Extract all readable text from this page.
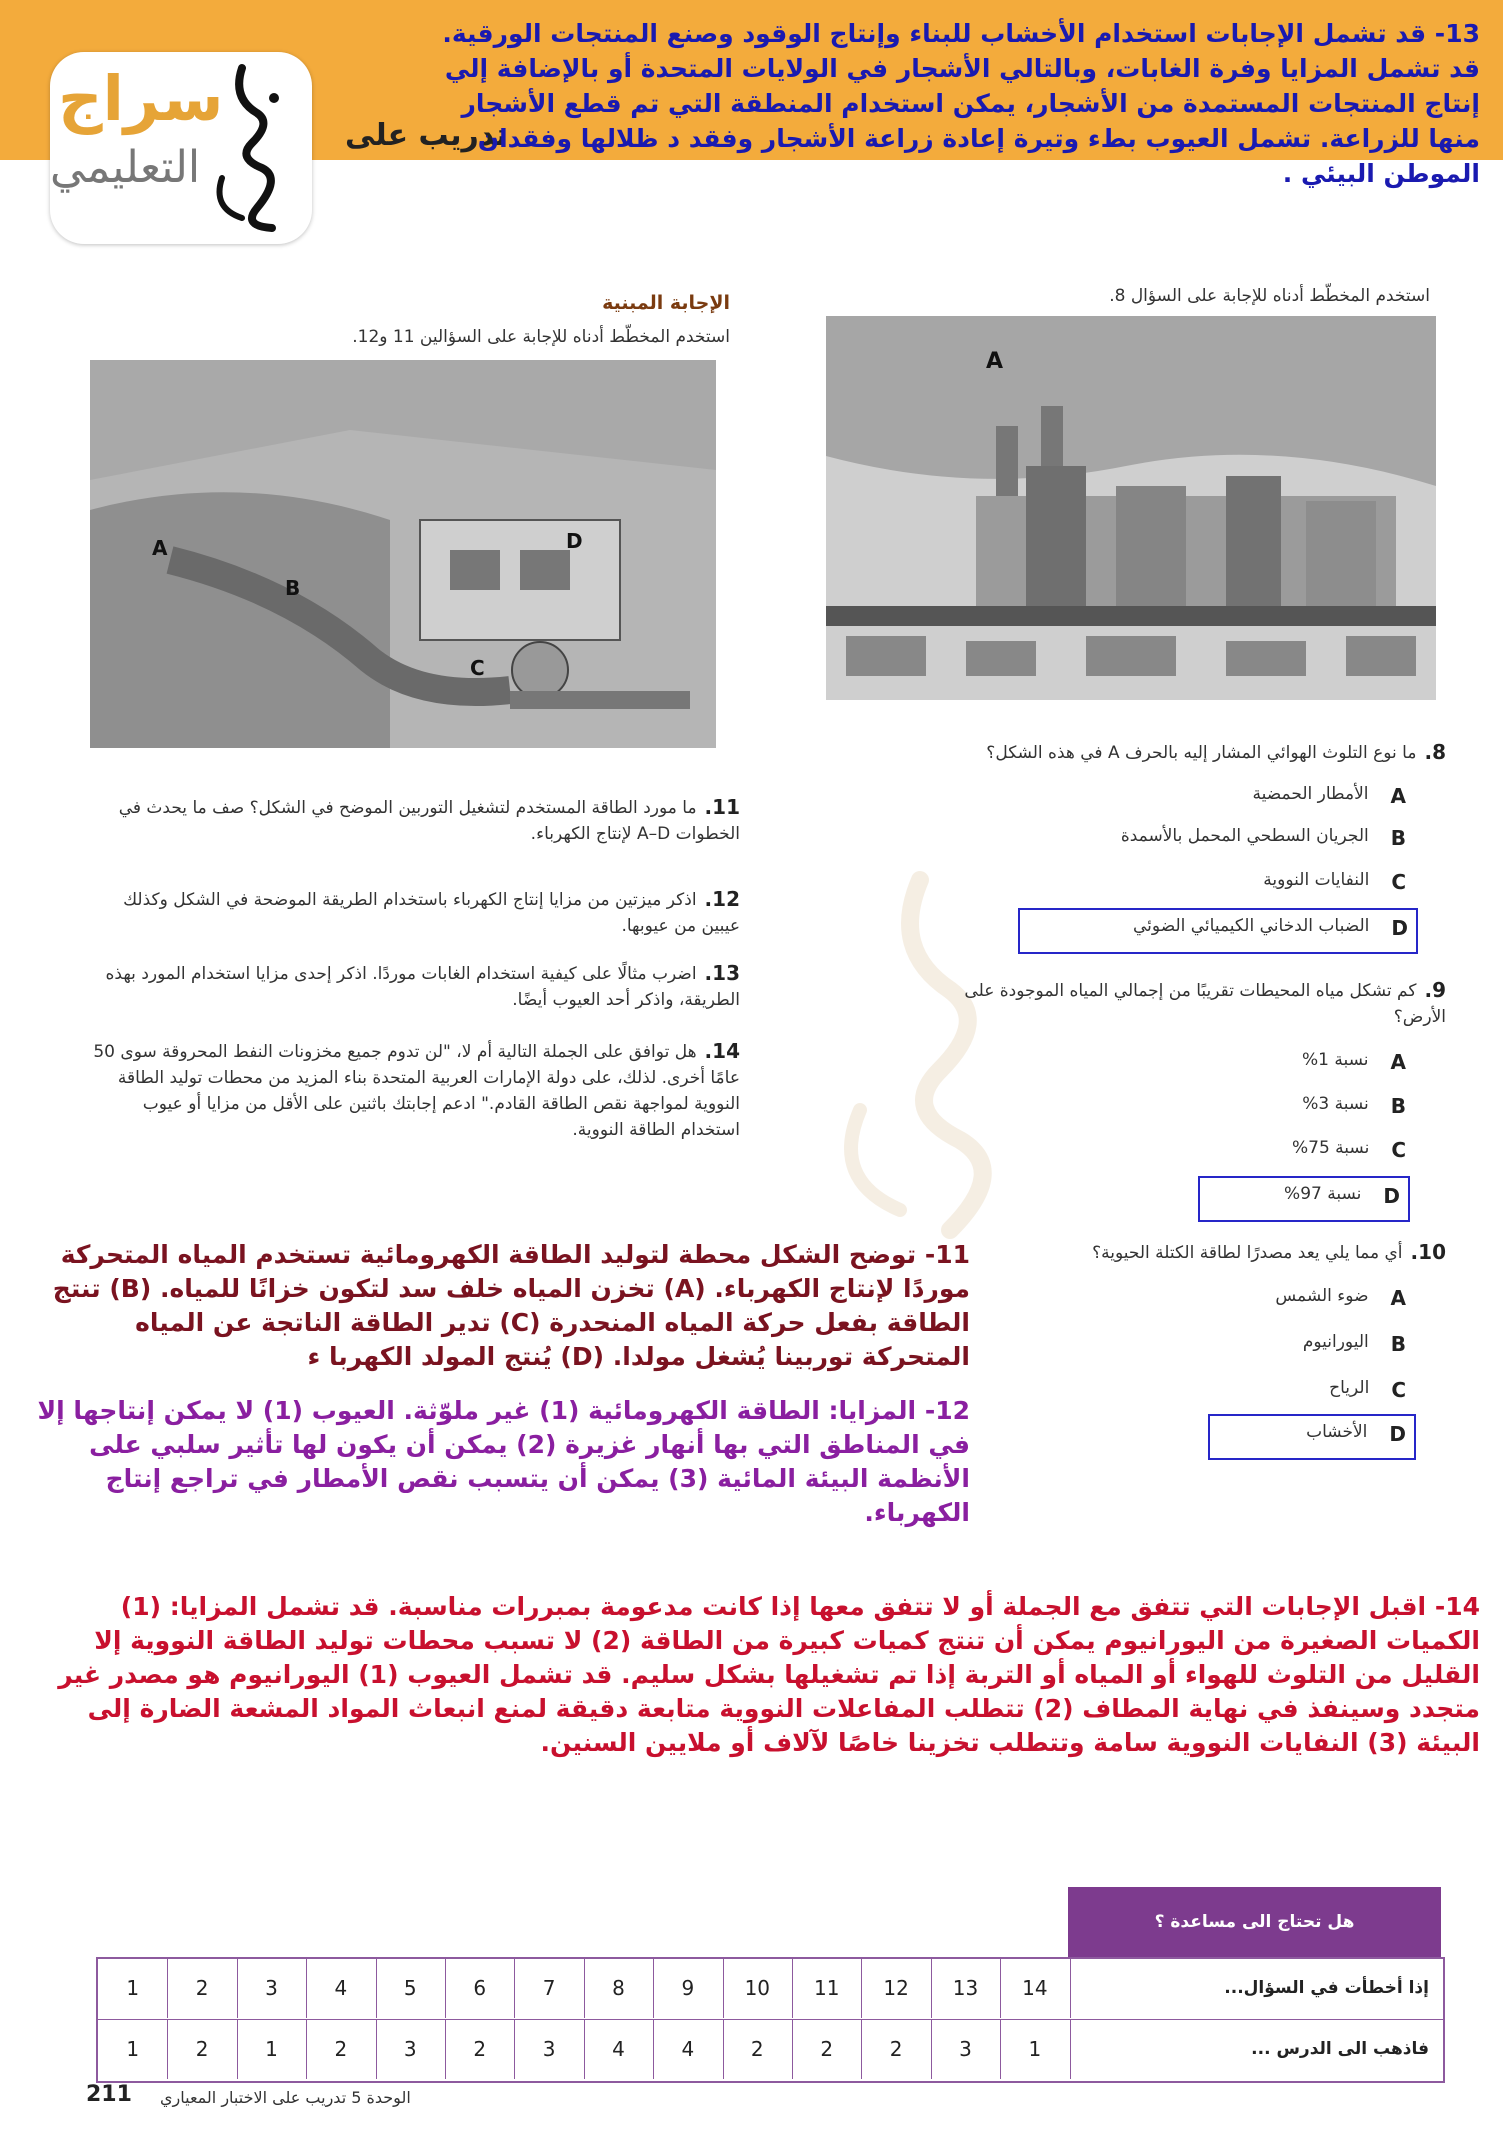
سراج
التعليمي
تدريب على
13- قد تشمل الإجابات استخدام الأخشاب للبناء وإنتاج الوقود وصنع المنتجات الورقية. قد تشمل المزايا وفرة الغابات، وبالتالي الأشجار في الولايات المتحدة أو بالإضافة إلي إنتاج المنتجات المستمدة من الأشجار، يمكن استخدام المنطقة التي تم قطع الأشجار منها للزراعة. تشمل العيوب بطء وتيرة إعادة زراعة الأشجار وفقد د ظلالها وفقدان الموطن البيئي .
الإجابة المبنية
استخدم المخطّط أدناه للإجابة على السؤالين 11 و12.
A
B
C
D
11.
ما مورد الطاقة المستخدم لتشغيل التوربين الموضح في الشكل؟ صف ما يحدث في الخطوات A–D لإنتاج الكهرباء.
12.
اذكر ميزتين من مزايا إنتاج الكهرباء باستخدام الطريقة الموضحة في الشكل وكذلك عيبين من عيوبها.
13.
اضرب مثالًا على كيفية استخدام الغابات موردًا. اذكر إحدى مزايا استخدام المورد بهذه الطريقة، واذكر أحد العيوب أيضًا.
14.
هل توافق على الجملة التالية أم لا، "لن تدوم جميع مخزونات النفط المحروقة سوى 50 عامًا أخرى. لذلك، على دولة الإمارات العربية المتحدة بناء المزيد من محطات توليد الطاقة النووية لمواجهة نقص الطاقة القادم." ادعم إجابتك باثنين على الأقل من مزايا أو عيوب استخدام الطاقة النووية.
استخدم المخطّط أدناه للإجابة على السؤال 8.
A
8.
ما نوع التلوث الهوائي المشار إليه بالحرف A في هذه الشكل؟
A
الأمطار الحمضية
B
الجريان السطحي المحمل بالأسمدة
C
النفايات النووية
D
الضباب الدخاني الكيميائي الضوئي
9.
كم تشكل مياه المحيطات تقريبًا من إجمالي المياه الموجودة على الأرض؟
A
نسبة 1%
B
نسبة 3%
C
نسبة 75%
D
نسبة 97%
10.
أي مما يلي يعد مصدرًا لطاقة الكتلة الحيوية؟
A
ضوء الشمس
B
اليورانيوم
C
الرياح
D
الأخشاب
11- توضح الشكل محطة لتوليد الطاقة الكهرومائية تستخدم المياه المتحركة موردًا لإنتاج الكهرباء. (A) تخزن المياه خلف سد لتكون خزانًا للمياه. (B) تنتج الطاقة بفعل حركة المياه المنحدرة (C) تدير الطاقة الناتجة عن المياه المتحركة توربينا يُشغل مولدا. (D) يُنتج المولد الكهربا ء
12- المزايا: الطاقة الكهرومائية (1) غير ملوّثة. العيوب (1) لا يمكن إنتاجها إلا في المناطق التي بها أنهار غزيرة (2) يمكن أن يكون لها تأثير سلبي على الأنظمة البيئة المائية (3) يمكن أن يتسبب نقص الأمطار في تراجع إنتاج الكهرباء.
14- اقبل الإجابات التي تتفق مع الجملة أو لا تتفق معها إذا كانت مدعومة بمبررات مناسبة. قد تشمل المزايا: (1) الكميات الصغيرة من اليورانيوم يمكن أن تنتج كميات كبيرة من الطاقة (2) لا تسبب محطات توليد الطاقة النووية إلا القليل من التلوث للهواء أو المياه أو التربة إذا تم تشغيلها بشكل سليم. قد تشمل العيوب (1) اليورانيوم هو مصدر غير متجدد وسينفذ في نهاية المطاف (2) تتطلب المفاعلات النووية متابعة دقيقة لمنع انبعاث المواد المشعة الضارة إلى البيئة (3) النفايات النووية سامة وتتطلب تخزينا خاصًا لآلاف أو ملايين السنين.
هل تحتاج الى مساعدة ؟
إذا أخطأت في السؤال...
فاذهب الى الدرس ...
1
1
2
2
3
1
4
2
5
3
6
2
7
3
8
4
9
4
10
2
11
2
12
2
13
3
14
1
211 الوحدة 5 تدريب على الاختبار المعياري
